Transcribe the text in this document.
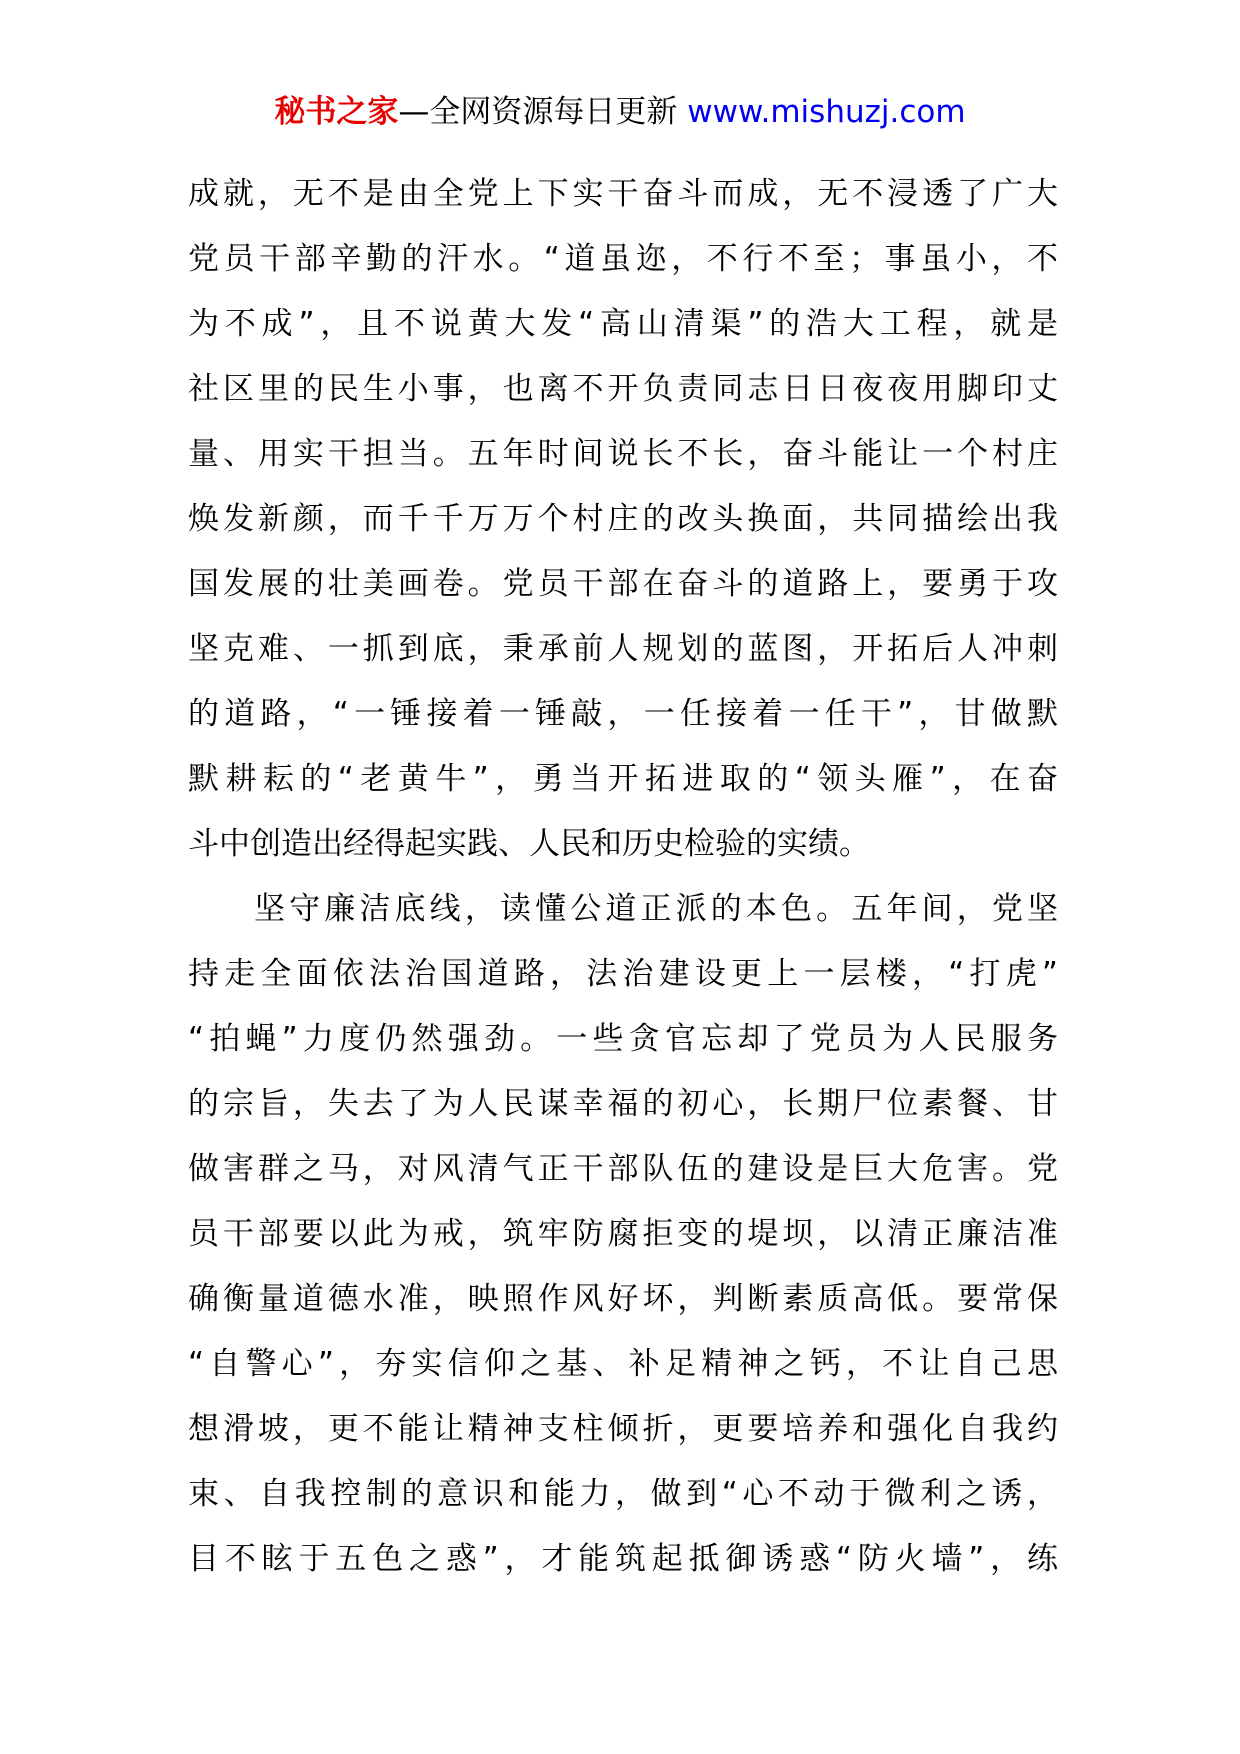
秘书之家—全网资源每日更新 www.mishuzj.com
成就，无不是由全党上下实干奋斗而成，无不浸透了广大
党员干部辛勤的汗水。“道虽迩，不行不至；事虽小，不
为不成”，且不说黄大发“高山清渠”的浩大工程，就是
社区里的民生小事，也离不开负责同志日日夜夜用脚印丈
量、用实干担当。五年时间说长不长，奋斗能让一个村庄
焕发新颜，而千千万万个村庄的改头换面，共同描绘出我
国发展的壮美画卷。党员干部在奋斗的道路上，要勇于攻
坚克难、一抓到底，秉承前人规划的蓝图，开拓后人冲刺
的道路，“一锤接着一锤敲，一任接着一任干”，甘做默
默耕耘的“老黄牛”，勇当开拓进取的“领头雁”，在奋
斗中创造出经得起实践、人民和历史检验的实绩。
坚守廉洁底线，读懂公道正派的本色。五年间，党坚
持走全面依法治国道路，法治建设更上一层楼，“打虎”
“拍蝇”力度仍然强劲。一些贪官忘却了党员为人民服务
的宗旨，失去了为人民谋幸福的初心，长期尸位素餐、甘
做害群之马，对风清气正干部队伍的建设是巨大危害。党
员干部要以此为戒，筑牢防腐拒变的堤坝，以清正廉洁准
确衡量道德水准，映照作风好坏，判断素质高低。要常保
“自警心”，夯实信仰之基、补足精神之钙，不让自己思
想滑坡，更不能让精神支柱倾折，更要培养和强化自我约
束、自我控制的意识和能力，做到“心不动于微利之诱，
目不眩于五色之惑”，才能筑起抵御诱惑“防火墙”，练
